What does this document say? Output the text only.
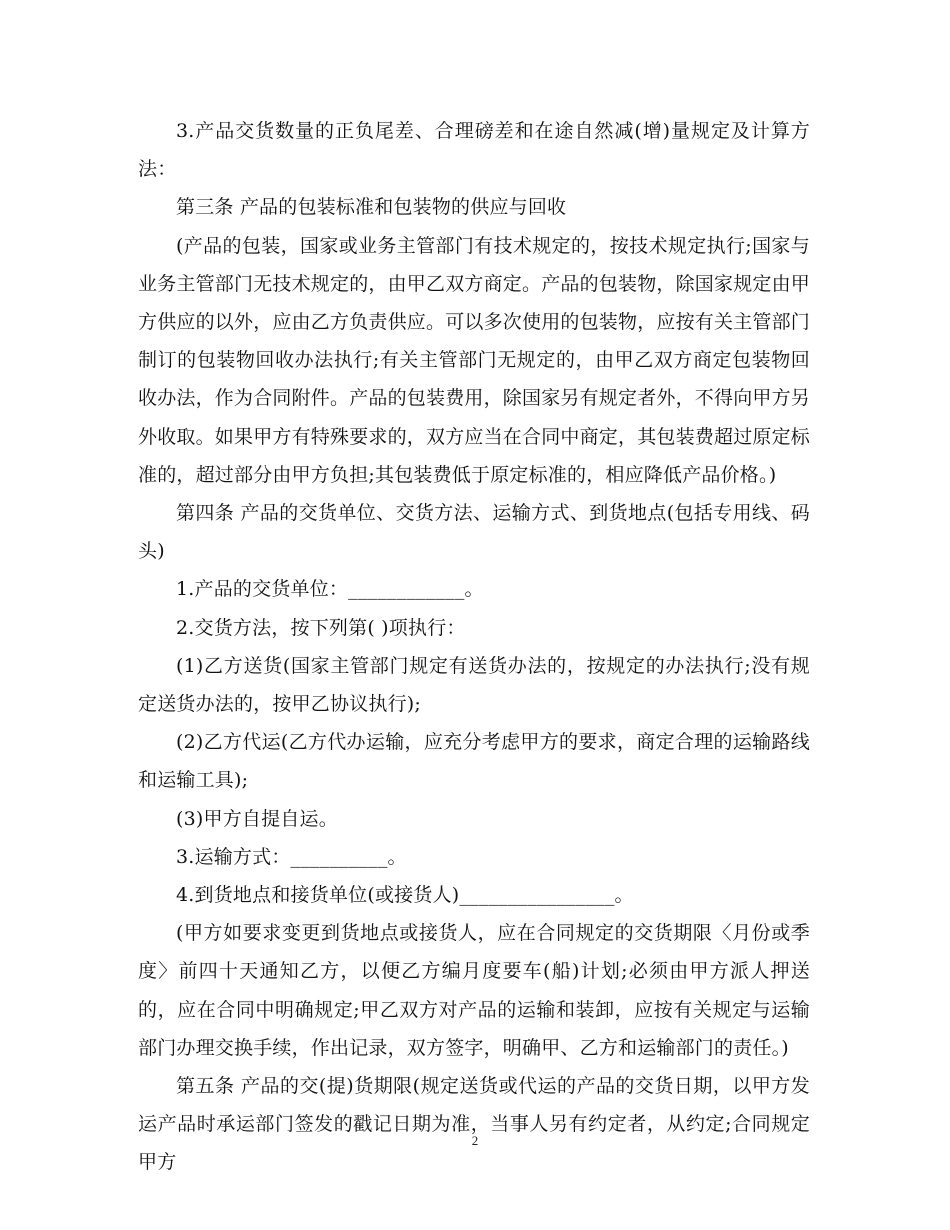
3.产品交货数量的正负尾差、合理磅差和在途自然减(增)量规定及计算方法：

第三条 产品的包装标准和包装物的供应与回收

(产品的包装，国家或业务主管部门有技术规定的，按技术规定执行;国家与业务主管部门无技术规定的，由甲乙双方商定。产品的包装物，除国家规定由甲方供应的以外，应由乙方负责供应。可以多次使用的包装物，应按有关主管部门制订的包装物回收办法执行;有关主管部门无规定的，由甲乙双方商定包装物回收办法，作为合同附件。产品的包装费用，除国家另有规定者外，不得向甲方另外收取。如果甲方有特殊要求的，双方应当在合同中商定，其包装费超过原定标准的，超过部分由甲方负担;其包装费低于原定标准的，相应降低产品价格。)

第四条 产品的交货单位、交货方法、运输方式、到货地点(包括专用线、码头)

1.产品的交货单位：____________。

2.交货方法，按下列第( )项执行：

(1)乙方送货(国家主管部门规定有送货办法的，按规定的办法执行;没有规定送货办法的，按甲乙协议执行);

(2)乙方代运(乙方代办运输，应充分考虑甲方的要求，商定合理的运输路线和运输工具);

(3)甲方自提自运。

3.运输方式：__________。

4.到货地点和接货单位(或接货人)________________。

(甲方如要求变更到货地点或接货人，应在合同规定的交货期限〈月份或季度〉前四十天通知乙方，以便乙方编月度要车(船)计划;必须由甲方派人押送的，应在合同中明确规定;甲乙双方对产品的运输和装卸，应按有关规定与运输部门办理交换手续，作出记录，双方签字，明确甲、乙方和运输部门的责任。)

第五条 产品的交(提)货期限(规定送货或代运的产品的交货日期，以甲方发运产品时承运部门签发的戳记日期为准，当事人另有约定者，从约定;合同规定甲方

2
